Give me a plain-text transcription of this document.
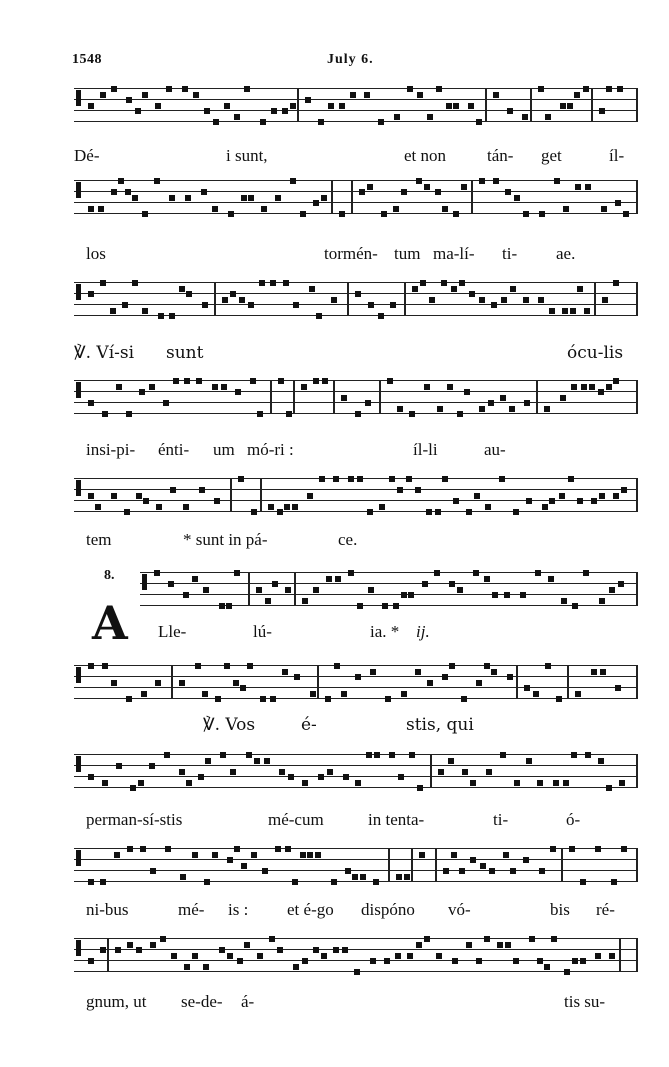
1548	July 6.
8.
A
Dé-	i sunt,	et non tán- get	íl-
los	tormén- tum ma-lí- ti- ae.
℣. Ví-si sunt	ócu-lis
insi-pi- énti- um mó-ri :	íl-li	au-
tem	* sunt in pá-	ce.
Lle-	lú-	ia. * ij.
℣. Vos	é-	stis, qui
perman-sí-stis	mé-cum	in tenta-	ti-	ó-
ni-bus	mé- is : et é-go dispóno vó-	bis ré-
gnum, ut se-de- á-	tis su-
